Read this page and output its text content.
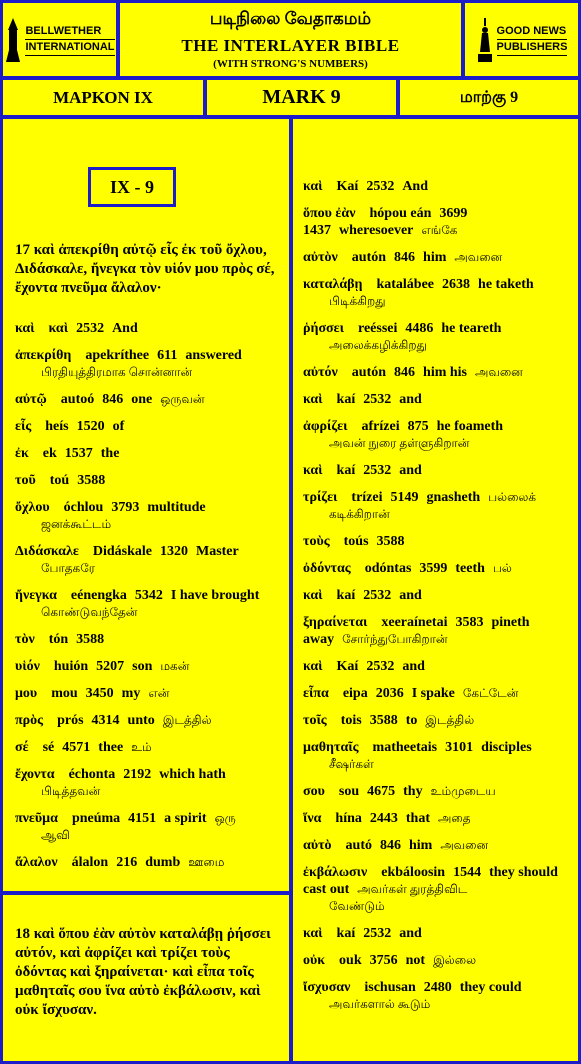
BELLWETHER
INTERNATIONAL
படிநிலை வேதாகமம்
THE INTERLAYER BIBLE
(WITH STRONG'S NUMBERS)
GOOD NEWS
PUBLISHERS
ΜΑΡΚΟΝ IX	MARK 9	மாற்கு 9
IX - 9
17 καὶ ἀπεκρίθη αὐτῷ εἷς ἐκ τοῦ ὄχλου, Διδάσκαλε, ἤνεγκα τὸν υἱόν μου πρὸς σέ, ἔχοντα πνεῦμα ἄλαλον·
καὶ καὶ 2532 And
ἀπεκρίθη apekríthee 611 answered
பிரதியுத்திரமாக சொன்னான்
αὐτῷ autoó 846 one ஒருவன்
εἷς heís 1520 of
ἐκ ek 1537 the
τοῦ toú 3588
ὄχλου óchlou 3793 multitude
ஜனக்கூட்டம்
Διδάσκαλε Didáskale 1320 Master
போதகரே
ἤνεγκα eénengka 5342 I have brought
கொண்டுவந்தேன்
τὸν tón 3588
υἱόν huión 5207 son மகன்
μου mou 3450 my என்
πρὸς prós 4314 unto இடத்தில்
σέ sé 4571 thee உம்
ἔχοντα échonta 2192 which hath
பிடித்தவன்
πνεῦμα pneúma 4151 a spirit ஒரு
ஆவி
ἄλαλον álalon 216 dumb ஊமை
18 καὶ ὅπου ἐὰν αὐτὸν καταλάβῃ ῥήσσει αὐτόν, καὶ ἀφρίζει καὶ τρίζει τοὺς ὀδόντας καὶ ξηραίνεται· καὶ εἶπα τοῖς μαθηταῖς σου ἵνα αὐτὸ ἐκβάλωσιν, καὶ οὐκ ἴσχυσαν.
καὶ Kaí 2532 And
ὅπου ἐὰν hópou eán 3699 1437 wheresoever எங்கே
αὐτὸν autón 846 him அவனை
καταλάβῃ katalábee 2638 he taketh
பிடிக்கிறது
ῥήσσει reéssei 4486 he teareth
அலைக்கழிக்கிறது
αὐτόν autón 846 him his அவனை
καὶ kaí 2532 and
ἀφρίζει afrízei 875 he foameth
அவன் நுரை தள்ளுகிறான்
καὶ kaí 2532 and
τρίζει trízei 5149 gnasheth பல்லைக்
கடிக்கிறான்
τοὺς toús 3588
ὀδόντας odóntas 3599 teeth பல்
καὶ kaí 2532 and
ξηραίνεται xeeraínetai 3583 pineth away சோர்ந்துபோகிறான்
καὶ Kaí 2532 and
εἶπα eipa 2036 I spake கேட்டேன்
τοῖς tois 3588 to இடத்தில்
μαθηταῖς matheetais 3101 disciples
சீஷர்கள்
σου sou 4675 thy உம்முடைய
ἵνα hína 2443 that அதை
αὐτὸ autó 846 him அவனை
ἐκβάλωσιν ekbáloosin 1544 they should cast out அவர்கள் துரத்திவிட
வேண்டும்
καὶ kaí 2532 and
οὐκ ouk 3756 not இல்லை
ἴσχυσαν ischusan 2480 they could
அவர்களால் கூடும்
